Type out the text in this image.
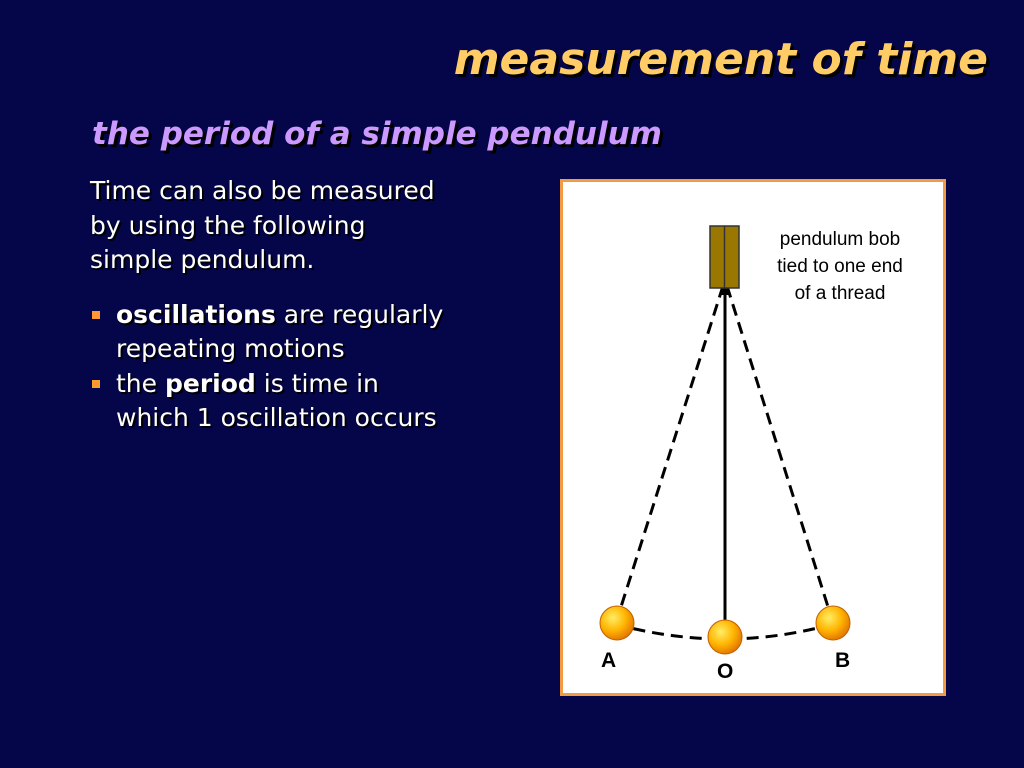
measurement of time
the period of a simple pendulum

Time can also be measured
by using the following
simple pendulum.

oscillations are regularly
repeating motions
the period is time in
which 1 oscillation occurs
pendulum bob
tied to one end
of a thread
A	O	B
